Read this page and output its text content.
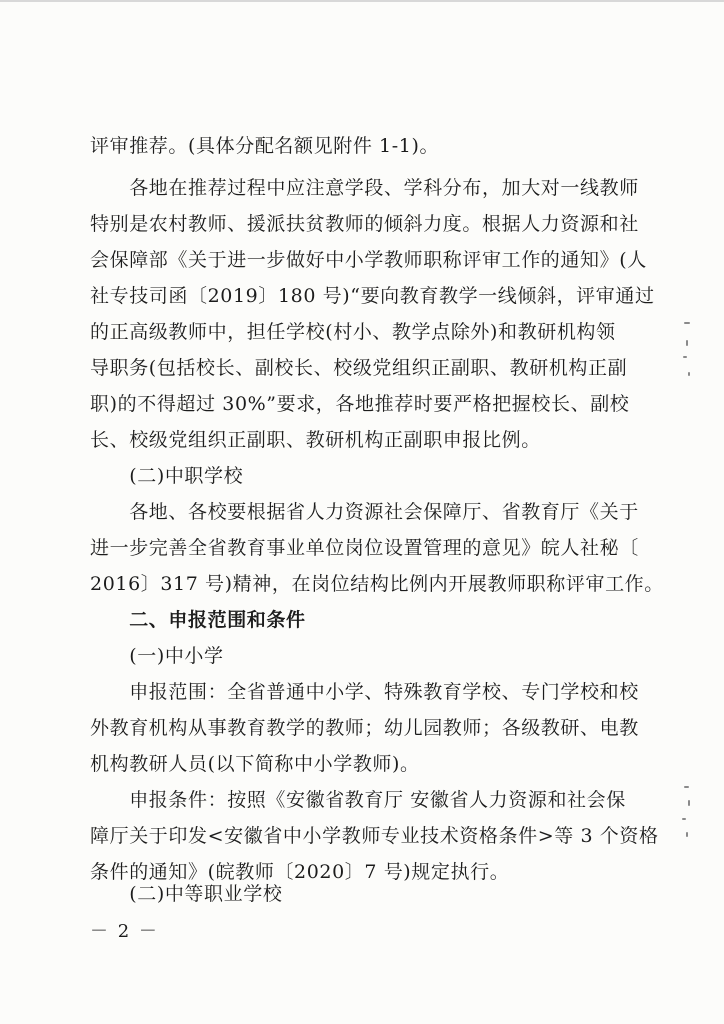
评审推荐。(具体分配名额见附件 1-1)。

　　各地在推荐过程中应注意学段、学科分布，加大对一线教师

特别是农村教师、援派扶贫教师的倾斜力度。根据人力资源和社

会保障部《关于进一步做好中小学教师职称评审工作的通知》(人

社专技司函〔2019〕180 号)“要向教育教学一线倾斜，评审通过

的正高级教师中，担任学校(村小、教学点除外)和教研机构领

导职务(包括校长、副校长、校级党组织正副职、教研机构正副

职)的不得超过 30%”要求，各地推荐时要严格把握校长、副校

长、校级党组织正副职、教研机构正副职申报比例。

　　(二)中职学校

　　各地、各校要根据省人力资源社会保障厅、省教育厅《关于

进一步完善全省教育事业单位岗位设置管理的意见》皖人社秘〔

2016〕317 号)精神，在岗位结构比例内开展教师职称评审工作。

　　二、申报范围和条件

　　(一)中小学

　　申报范围：全省普通中小学、特殊教育学校、专门学校和校

外教育机构从事教育教学的教师；幼儿园教师；各级教研、电教

机构教研人员(以下简称中小学教师)。

　　申报条件：按照《安徽省教育厅 安徽省人力资源和社会保

障厅关于印发<安徽省中小学教师专业技术资格条件>等 3 个资格

条件的通知》(皖教师〔2020〕7 号)规定执行。

　　(二)中等职业学校

－ 2 －
